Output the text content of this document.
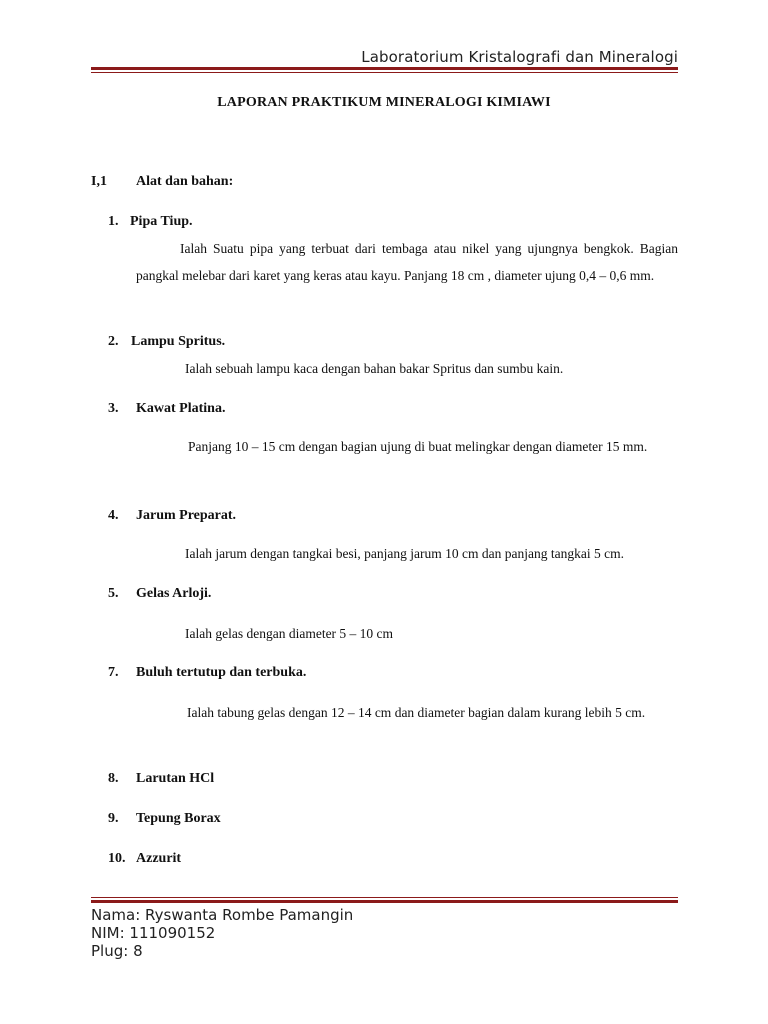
Laboratorium Kristalografi dan Mineralogi
LAPORAN PRAKTIKUM MINERALOGI KIMIAWI
I,1 Alat dan bahan:
1. Pipa Tiup.
Ialah Suatu pipa yang terbuat dari tembaga atau nikel yang ujungnya bengkok. Bagian pangkal melebar dari karet yang keras atau kayu. Panjang 18 cm , diameter ujung 0,4 – 0,6 mm.
2. Lampu Spritus.
Ialah sebuah lampu kaca dengan bahan bakar Spritus dan sumbu kain.
3. Kawat Platina.
Panjang 10 – 15 cm dengan bagian ujung di buat melingkar dengan diameter 15 mm.
4. Jarum Preparat.
Ialah jarum dengan tangkai besi, panjang jarum 10 cm dan panjang tangkai 5 cm.
5. Gelas Arloji.
Ialah gelas dengan diameter 5 – 10 cm
7. Buluh tertutup dan terbuka.
Ialah tabung gelas dengan 12 – 14 cm dan diameter bagian dalam kurang lebih 5 cm.
8. Larutan HCl
9. Tepung Borax
10. Azzurit
Nama: Ryswanta Rombe Pamangin
NIM: 111090152
Plug: 8
